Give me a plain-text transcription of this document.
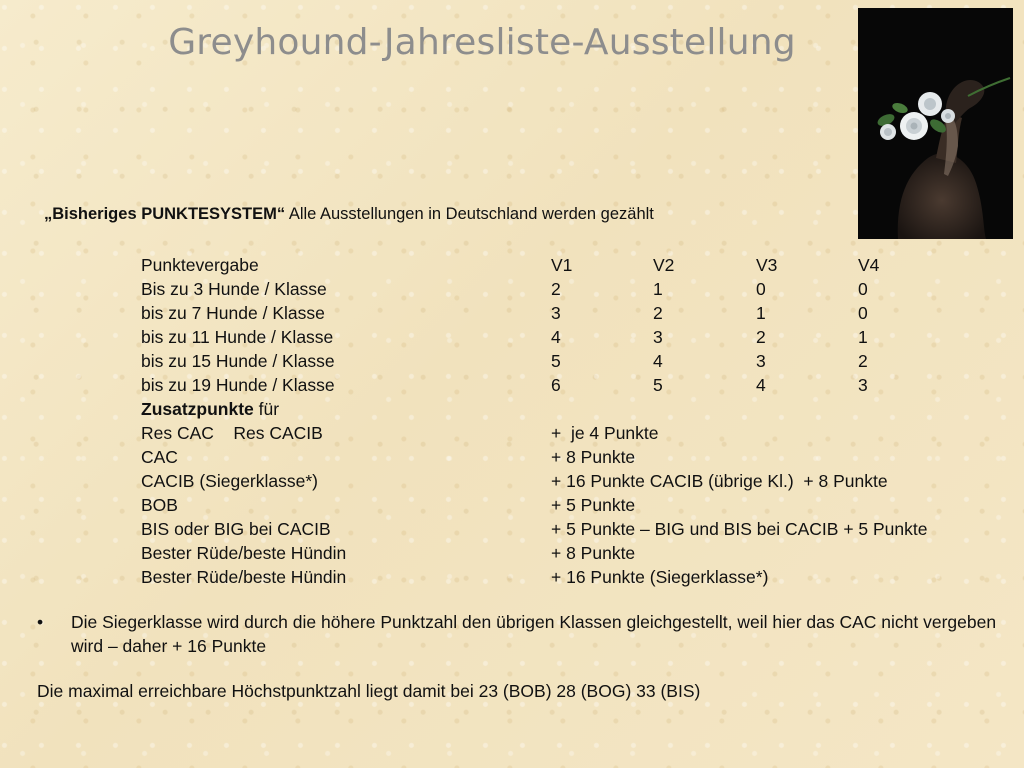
Greyhound-Jahresliste-Ausstellung
„Bisheriges PUNKTESYSTEM“ Alle Ausstellungen in Deutschland werden gezählt
Punktevergabe	V1	V2	V3	V4
Bis zu 3 Hunde / Klasse	2	1	0	0
bis zu 7 Hunde / Klasse	3	2	1	0
bis zu 11 Hunde / Klasse	4	3	2	1
bis zu 15 Hunde / Klasse	5	4	3	2
bis zu 19 Hunde / Klasse	6	5	4	3
Zusatzpunkte für
Res CAC    Res CACIB	+  je 4 Punkte
CAC	+ 8 Punkte
CACIB (Siegerklasse*)	+ 16 Punkte CACIB (übrige Kl.)  + 8 Punkte
BOB	+ 5 Punkte
BIS oder BIG bei CACIB	+ 5 Punkte – BIG und BIS bei CACIB + 5 Punkte
Bester Rüde/beste Hündin	+ 8 Punkte
Bester Rüde/beste Hündin	+ 16 Punkte (Siegerklasse*)
• Die Siegerklasse wird durch die höhere Punktzahl den übrigen Klassen gleichgestellt, weil hier das CAC nicht vergeben wird – daher + 16 Punkte
Die maximal erreichbare Höchstpunktzahl liegt damit bei 23 (BOB) 28 (BOG) 33 (BIS)
